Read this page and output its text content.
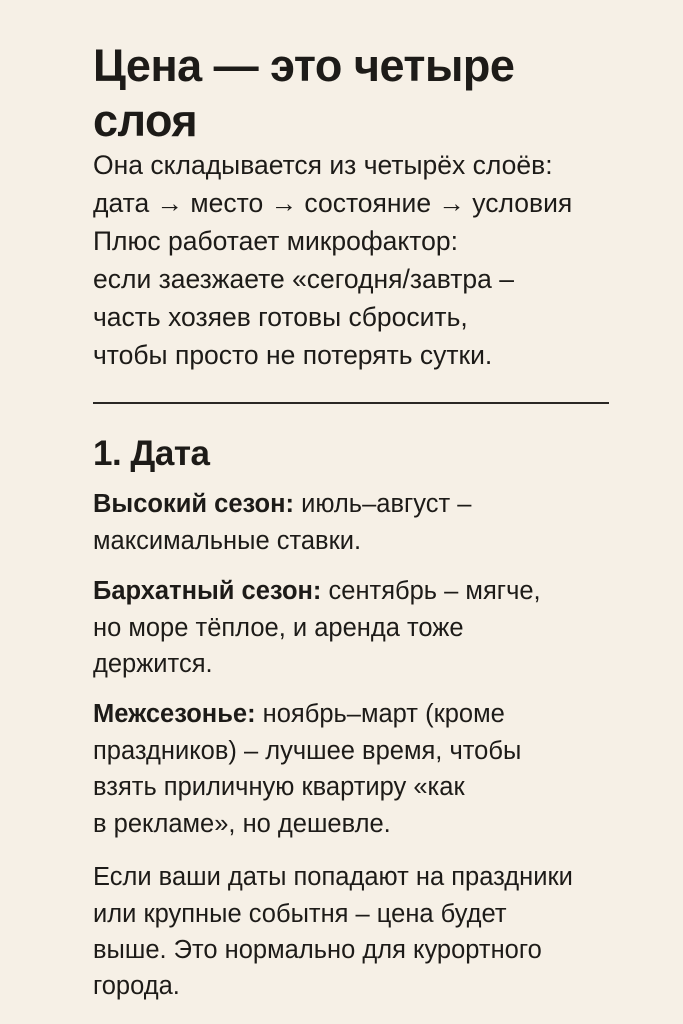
Цена — это четыре
слоя
Она складывается из четырёх слоёв:
дата → место → состояние → условия
Плюс работает микрофактор:
если заезжаете «сегодня/завтра –
часть хозяев готовы сбросить,
чтобы просто не потерять сутки.
1. Дата
Высокий сезон: июль–август –
максимальные ставки.
Бархатный сезон: сентябрь – мягче,
но море тёплое, и аренда тоже
держится.
Межсезонье: ноябрь–март (кроме
праздников) – лучшее время, чтобы
взять приличную квартиру «как
в рекламе», но дешевле.
Если ваши даты попадают на праздники
или крупные событня – цена будет
выше. Это нормально для курортного
города.
